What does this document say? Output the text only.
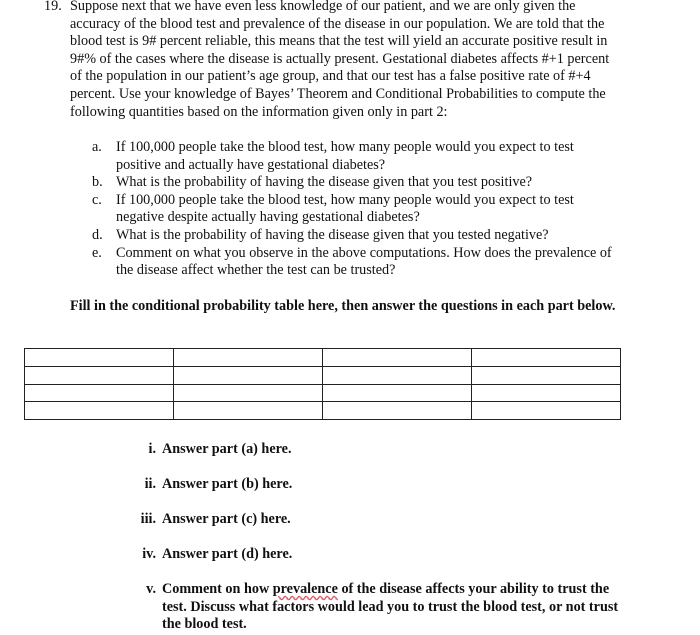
19. Suppose next that we have even less knowledge of our patient, and we are only given the accuracy of the blood test and prevalence of the disease in our population. We are told that the blood test is 9# percent reliable, this means that the test will yield an accurate positive result in 9#% of the cases where the disease is actually present. Gestational diabetes affects #+1 percent of the population in our patient’s age group, and that our test has a false positive rate of #+4 percent. Use your knowledge of Bayes’ Theorem and Conditional Probabilities to compute the following quantities based on the information given only in part 2:
a. If 100,000 people take the blood test, how many people would you expect to test positive and actually have gestational diabetes?
b. What is the probability of having the disease given that you test positive?
c. If 100,000 people take the blood test, how many people would you expect to test negative despite actually having gestational diabetes?
d. What is the probability of having the disease given that you tested negative?
e. Comment on what you observe in the above computations. How does the prevalence of the disease affect whether the test can be trusted?
Fill in the conditional probability table here, then answer the questions in each part below.

i. Answer part (a) here.
ii. Answer part (b) here.
iii. Answer part (c) here.
iv. Answer part (d) here.
v. Comment on how prevalence of the disease affects your ability to trust the test. Discuss what factors would lead you to trust the blood test, or not trust the blood test.
